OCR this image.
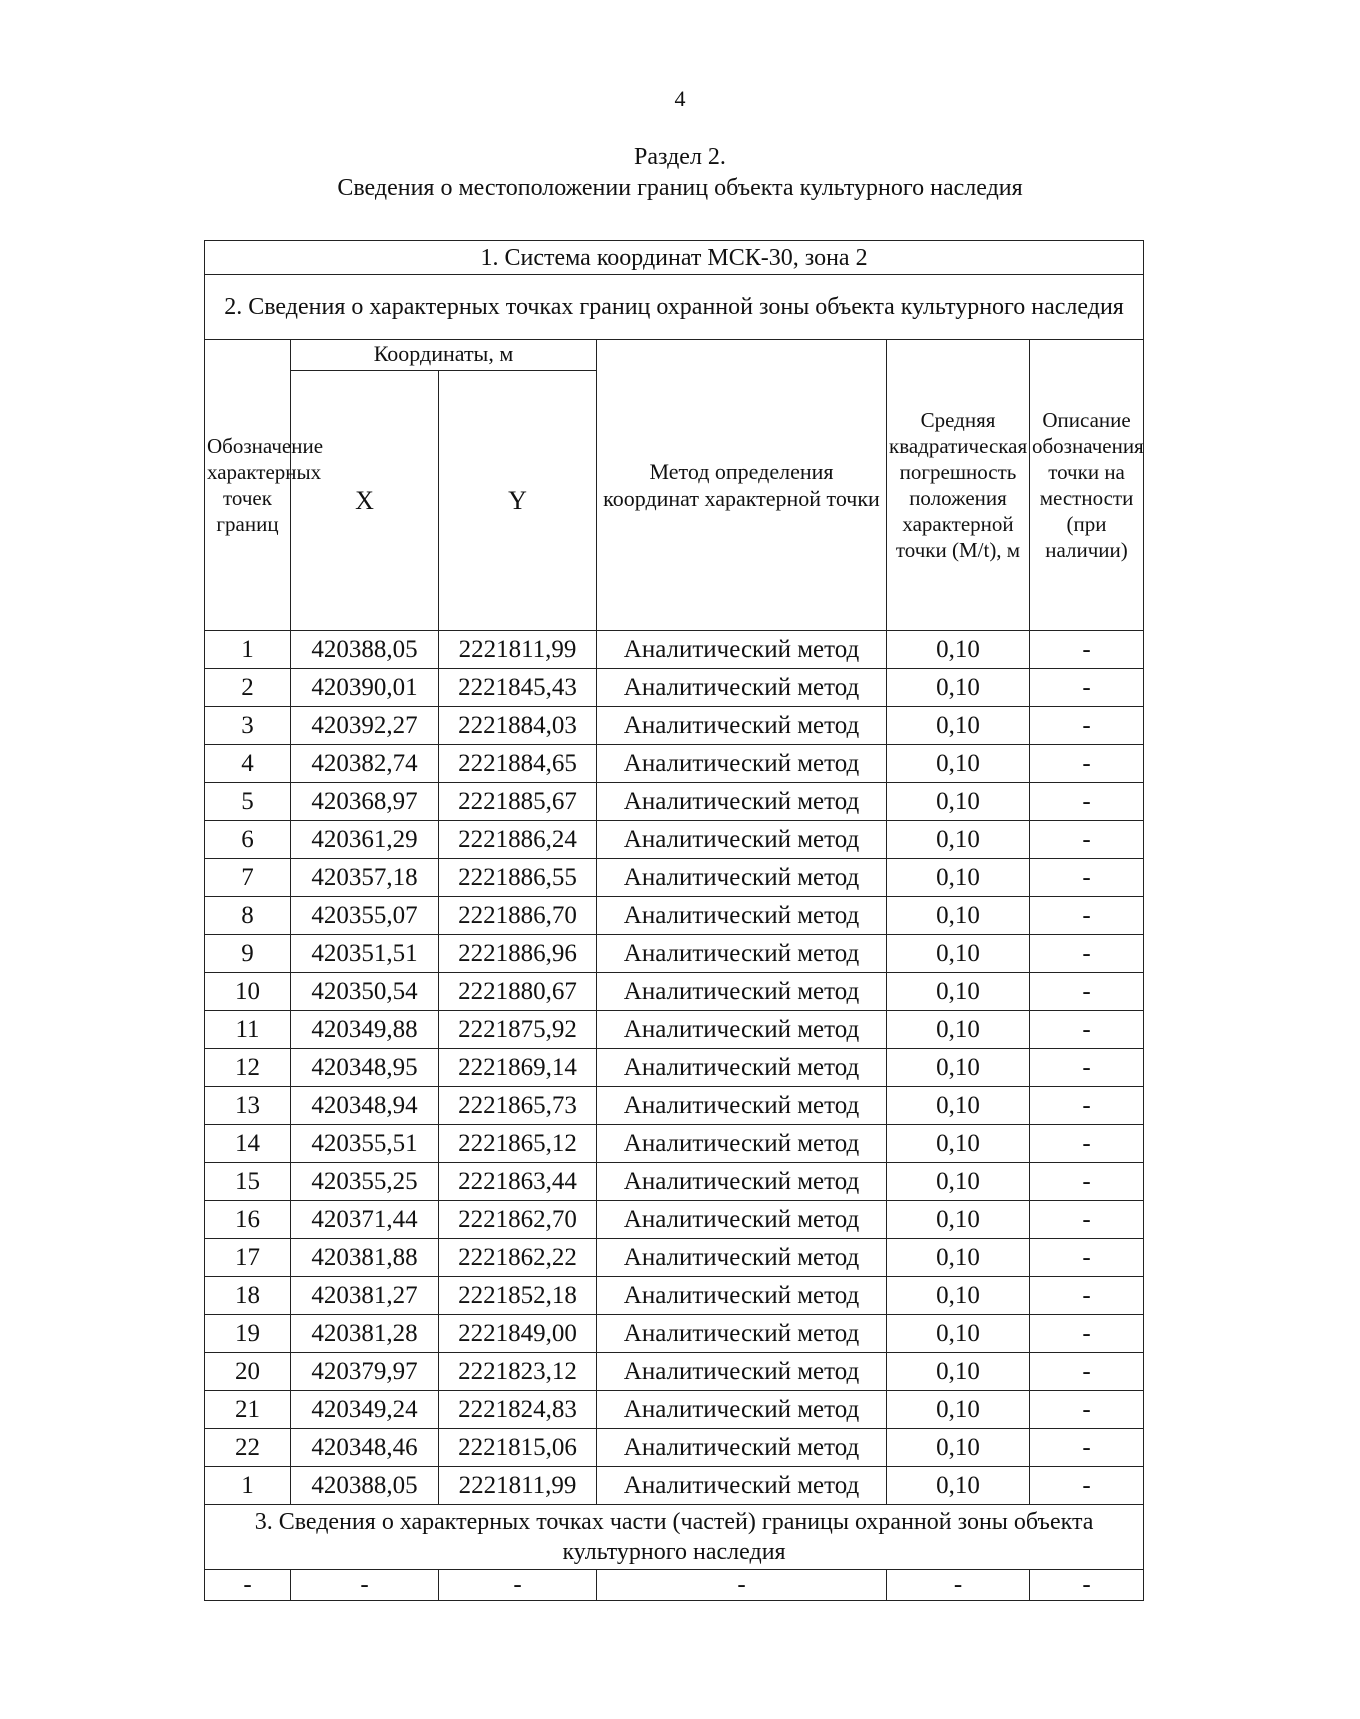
4
Раздел 2.
Сведения о местоположении границ объекта культурного наследия
1. Система координат МСК-30, зона 2					
2. Сведения о характерных точках границ охранной зоны объекта культурного наследия					
Обозначение характерных точек границ	Координаты, м		Метод определения координат характерной точки	Средняя квадратическая погрешность положения характерной точки (M/t), м	Описание обозначения точки на местности (при наличии)
	X	Y			
1	420388,05	2221811,99	Аналитический метод	0,10	-
2	420390,01	2221845,43	Аналитический метод	0,10	-
3	420392,27	2221884,03	Аналитический метод	0,10	-
4	420382,74	2221884,65	Аналитический метод	0,10	-
5	420368,97	2221885,67	Аналитический метод	0,10	-
6	420361,29	2221886,24	Аналитический метод	0,10	-
7	420357,18	2221886,55	Аналитический метод	0,10	-
8	420355,07	2221886,70	Аналитический метод	0,10	-
9	420351,51	2221886,96	Аналитический метод	0,10	-
10	420350,54	2221880,67	Аналитический метод	0,10	-
11	420349,88	2221875,92	Аналитический метод	0,10	-
12	420348,95	2221869,14	Аналитический метод	0,10	-
13	420348,94	2221865,73	Аналитический метод	0,10	-
14	420355,51	2221865,12	Аналитический метод	0,10	-
15	420355,25	2221863,44	Аналитический метод	0,10	-
16	420371,44	2221862,70	Аналитический метод	0,10	-
17	420381,88	2221862,22	Аналитический метод	0,10	-
18	420381,27	2221852,18	Аналитический метод	0,10	-
19	420381,28	2221849,00	Аналитический метод	0,10	-
20	420379,97	2221823,12	Аналитический метод	0,10	-
21	420349,24	2221824,83	Аналитический метод	0,10	-
22	420348,46	2221815,06	Аналитический метод	0,10	-
1	420388,05	2221811,99	Аналитический метод	0,10	-
3. Сведения о характерных точках части (частей) границы охранной зоны объекта культурного наследия					
-	-	-	-	-	-
